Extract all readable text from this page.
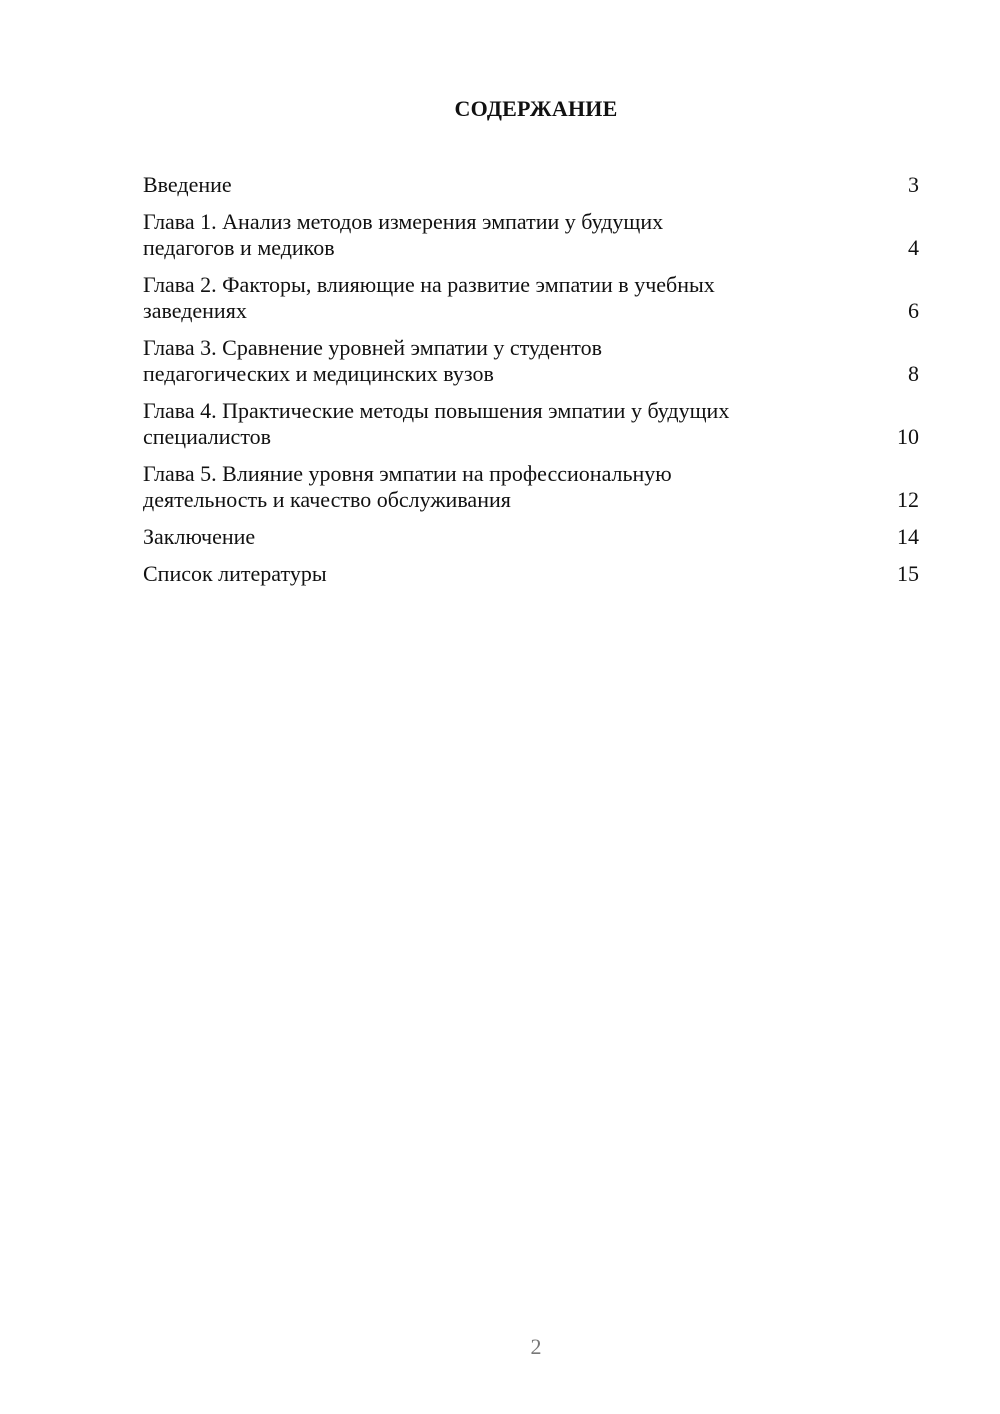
СОДЕРЖАНИЕ
Введение	3
Глава 1. Анализ методов измерения эмпатии у будущих
педагогов и медиков	4
Глава 2. Факторы, влияющие на развитие эмпатии в учебных
заведениях	6
Глава 3. Сравнение уровней эмпатии у студентов
педагогических и медицинских вузов	8
Глава 4. Практические методы повышения эмпатии у будущих
специалистов	10
Глава 5. Влияние уровня эмпатии на профессиональную
деятельность и качество обслуживания	12
Заключение	14
Список литературы	15
2
